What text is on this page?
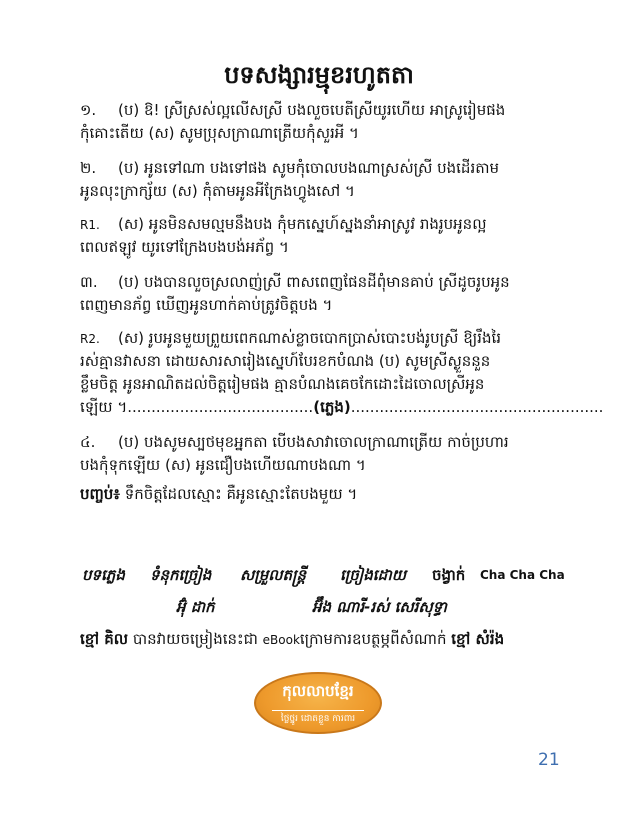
បទសង្សារម្មុខរហូតតា
១. (ប) ឱ! ស្រីស្រស់ល្អលើសស្រី បងលួចបេតីស្រីយូរហើយ អាស្រូរៀមផង
កុំគោះតើយ (ស) សូមប្រុសក្រាណាត្រើយកុំសួរអី ។
២. (ប) អូនទៅណា បងទៅផង សូមកុំចោលបងណាស្រស់ស្រី បងដើរតាម
អូនលុះក្រាក្ស័យ (ស) កុំតាមអូនអីក្រែងហ្វូងសៅ ។
R1. (ស) អូនមិនសមល្មមនឹងបង កុំមកស្នេហ៍ស្នងនាំអាស្រូវ រាងរូបអូនល្អ
ពេលឥឡូវ យូរទៅក្រែងបងបង់អភ័ព្វ ។
៣. (ប) បងបានលួចស្រលាញ់ស្រី ពាសពេញផែនដីពុំមានគាប់ ស្រីដូចរូបអូន
ពេញមានភ័ព្វ ឃើញអូនហាក់គាប់ត្រូវចិត្តបង ។
R2. (ស) រូបអូនមួយព្រួយពេកណាស់ខ្លាចបោកប្រាស់បោះបង់រូបស្រី ឱ្យរឹងរៃ
រស់គ្មានវាសនា ដោយសារសារៀងស្នេហ៍បែរខកបំណង (ប) សូមស្រីស្ងួននួន
ខ្លឹមចិត្ត អូនអាណិតដល់ចិត្តរៀមផង គ្មានបំណងគេចកែដោះដៃចោលស្រីអូន
ឡើយ ។.......................................(ភ្លេង).....................................................
៤. (ប) បងសូមស្បថមុខអ្នកតា បើបងសាវាចោលក្រាណាត្រើយ កាច់ប្រហារ
បងកុំទុកឡើយ (ស) អូនជឿបងហើយណាបងណា ។
បញ្ចប់៖ ទឹកចិត្តដែលស្មោះ គឺអូនស្មោះតែបងមួយ ។
បទភ្លេង ទំនុកច្រៀង សម្រួលតន្ត្រី ច្រៀងដោយ ចង្វាក់ Cha Cha Cha
អ៊ុំ ដាក់	អ៊ឹង ណារី-រស់ សេរីសុទ្ធា
ខ្មៅ គិល បានវាយចម្រៀងនេះជា eBookក្រោមការឧបត្ថម្ភពីសំណាក់ ខ្មៅ សំរ៉ង
កុលលាបខ្មែរ
ថ្លៃថ្នូរ ដោតខ្លួន ការពារ
21
